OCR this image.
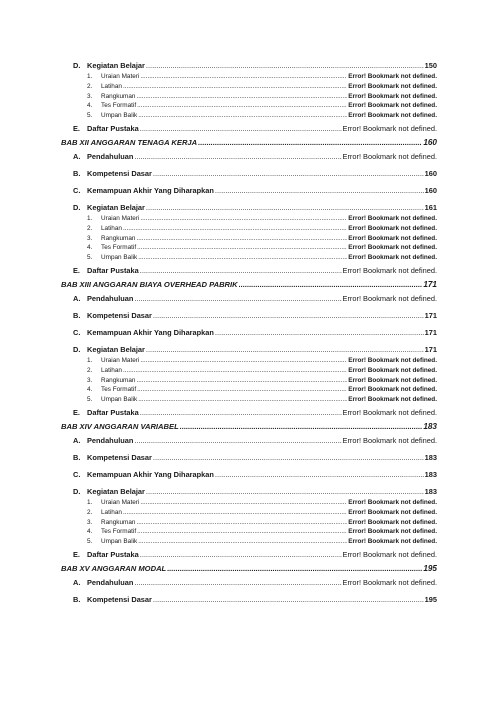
D. Kegiatan Belajar .....	150
1. Uraian Materi .....	Error! Bookmark not defined.
2. Latihan .....	Error! Bookmark not defined.
3. Rangkuman .....	Error! Bookmark not defined.
4. Tes Formatif .....	Error! Bookmark not defined.
5. Umpan Balik .....	Error! Bookmark not defined.
E. Daftar Pustaka .....	Error! Bookmark not defined.
BAB XII ANGGARAN TENAGA KERJA .....	160
A. Pendahuluan .....	Error! Bookmark not defined.
B. Kompetensi Dasar .....	160
C. Kemampuan Akhir Yang Diharapkan .....	160
D. Kegiatan Belajar .....	161
1. Uraian Materi .....	Error! Bookmark not defined.
2. Latihan .....	Error! Bookmark not defined.
3. Rangkuman .....	Error! Bookmark not defined.
4. Tes Formatif .....	Error! Bookmark not defined.
5. Umpan Balik .....	Error! Bookmark not defined.
E. Daftar Pustaka .....	Error! Bookmark not defined.
BAB XIII ANGGARAN BIAYA OVERHEAD PABRIK .....	171
A. Pendahuluan .....	Error! Bookmark not defined.
B. Kompetensi Dasar .....	171
C. Kemampuan Akhir Yang Diharapkan .....	171
D. Kegiatan Belajar .....	171
1. Uraian Materi .....	Error! Bookmark not defined.
2. Latihan .....	Error! Bookmark not defined.
3. Rangkuman .....	Error! Bookmark not defined.
4. Tes Formatif .....	Error! Bookmark not defined.
5. Umpan Balik .....	Error! Bookmark not defined.
E. Daftar Pustaka .....	Error! Bookmark not defined.
BAB XIV ANGGARAN VARIABEL .....	183
A. Pendahuluan .....	Error! Bookmark not defined.
B. Kompetensi Dasar .....	183
C. Kemampuan Akhir Yang Diharapkan .....	183
D. Kegiatan Belajar .....	183
1. Uraian Materi .....	Error! Bookmark not defined.
2. Latihan .....	Error! Bookmark not defined.
3. Rangkuman .....	Error! Bookmark not defined.
4. Tes Formatif .....	Error! Bookmark not defined.
5. Umpan Balik .....	Error! Bookmark not defined.
E. Daftar Pustaka .....	Error! Bookmark not defined.
BAB XV ANGGARAN MODAL .....	195
A. Pendahuluan .....	Error! Bookmark not defined.
B. Kompetensi Dasar .....	195
